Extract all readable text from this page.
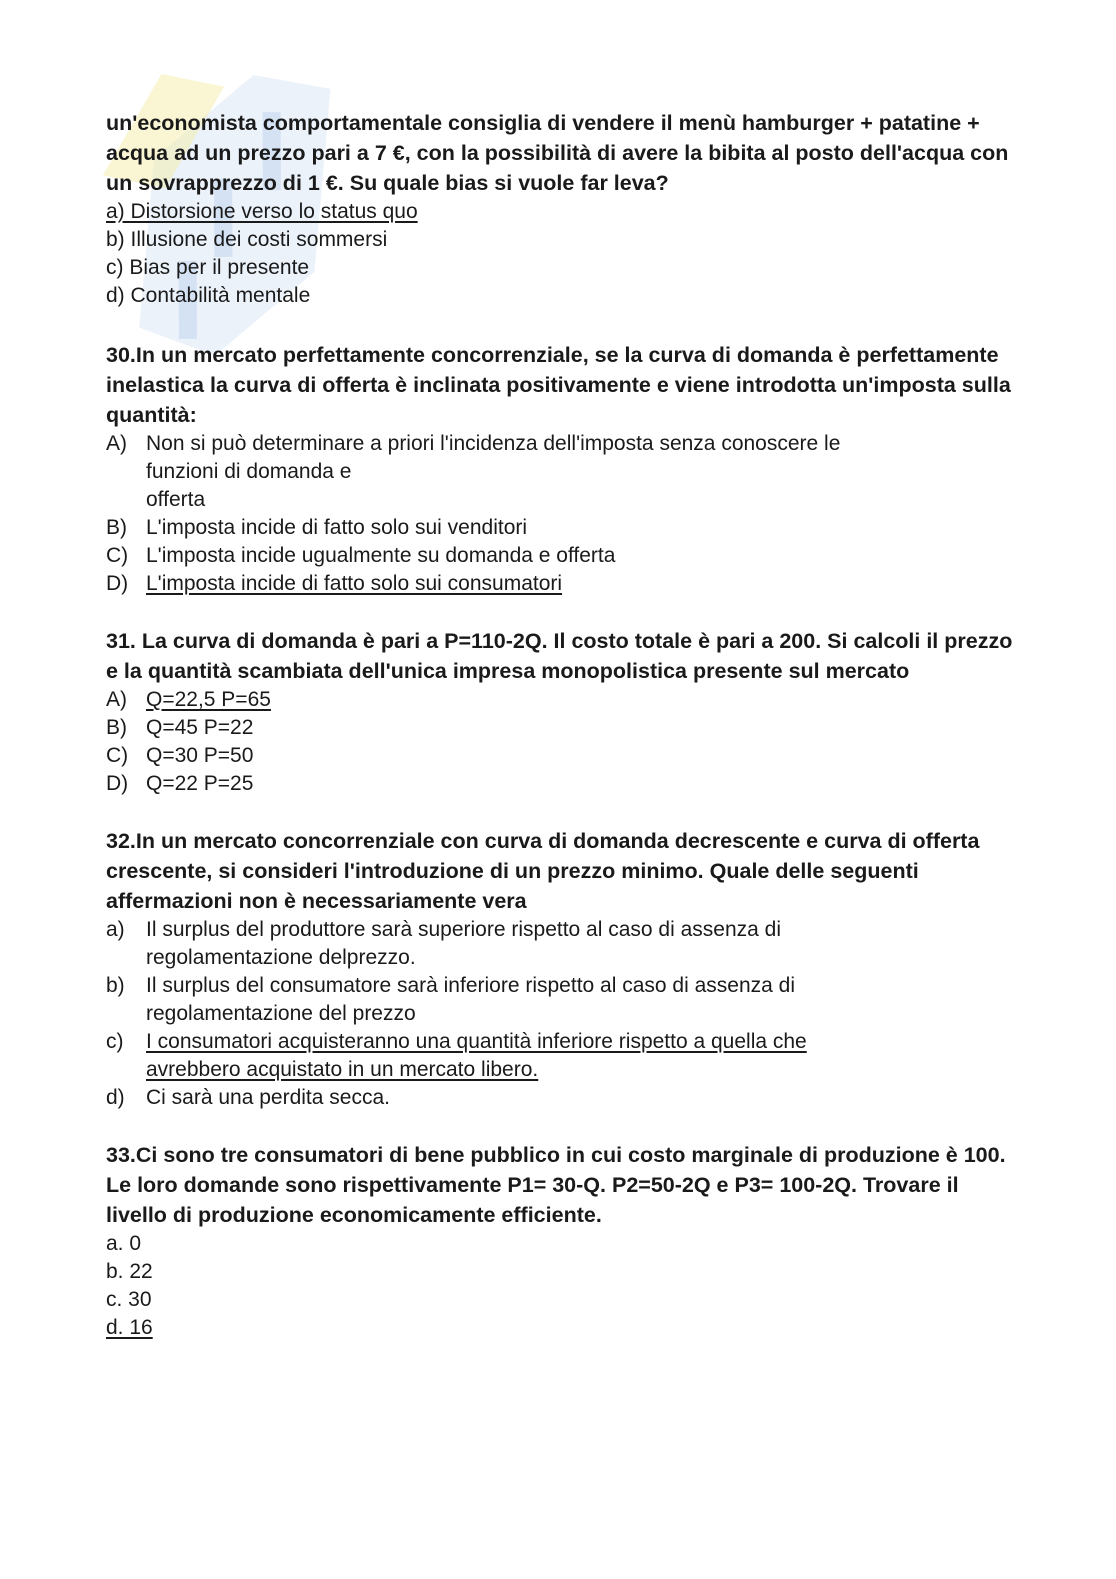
un'economista comportamentale consiglia di vendere il menù hamburger + patatine + acqua ad un prezzo pari a 7 €, con la possibilità di avere la bibita al posto dell'acqua con un sovrapprezzo di 1 €. Su quale bias si vuole far leva?

a) Distorsione verso lo status quo
b) Illusione dei costi sommersi
c) Bias per il presente
d) Contabilità mentale

30.In un mercato perfettamente concorrenziale, se la curva di domanda è perfettamente inelastica la curva di offerta è inclinata positivamente e viene introdotta un'imposta sulla quantità:

A) Non si può determinare a priori l'incidenza dell'imposta senza conoscere le
funzioni di domanda e
offerta
B) L'imposta incide di fatto solo sui venditori
C) L'imposta incide ugualmente su domanda e offerta
D) L'imposta incide di fatto solo sui consumatori

31. La curva di domanda è pari a P=110-2Q. Il costo totale è pari a 200. Si calcoli il prezzo e la quantità scambiata dell'unica impresa monopolistica presente sul mercato

A) Q=22,5 P=65
B) Q=45 P=22
C) Q=30 P=50
D) Q=22 P=25

32.In un mercato concorrenziale con curva di domanda decrescente e curva di offerta crescente, si consideri l'introduzione di un prezzo minimo. Quale delle seguenti affermazioni non è necessariamente vera

a)	Il surplus del produttore sarà superiore rispetto al caso di assenza di
regolamentazione delprezzo.
b)	Il surplus del consumatore sarà inferiore rispetto al caso di assenza di
regolamentazione del prezzo
c)	I consumatori acquisteranno una quantità inferiore rispetto a quella che
avrebbero acquistato in un mercato libero.
d)	Ci sarà una perdita secca.

33.Ci sono tre consumatori di bene pubblico in cui costo marginale di produzione è 100. Le loro domande sono rispettivamente P1= 30-Q. P2=50-2Q e P3= 100-2Q. Trovare il livello di produzione economicamente efficiente.

a. 0
b. 22
c. 30
d. 16
